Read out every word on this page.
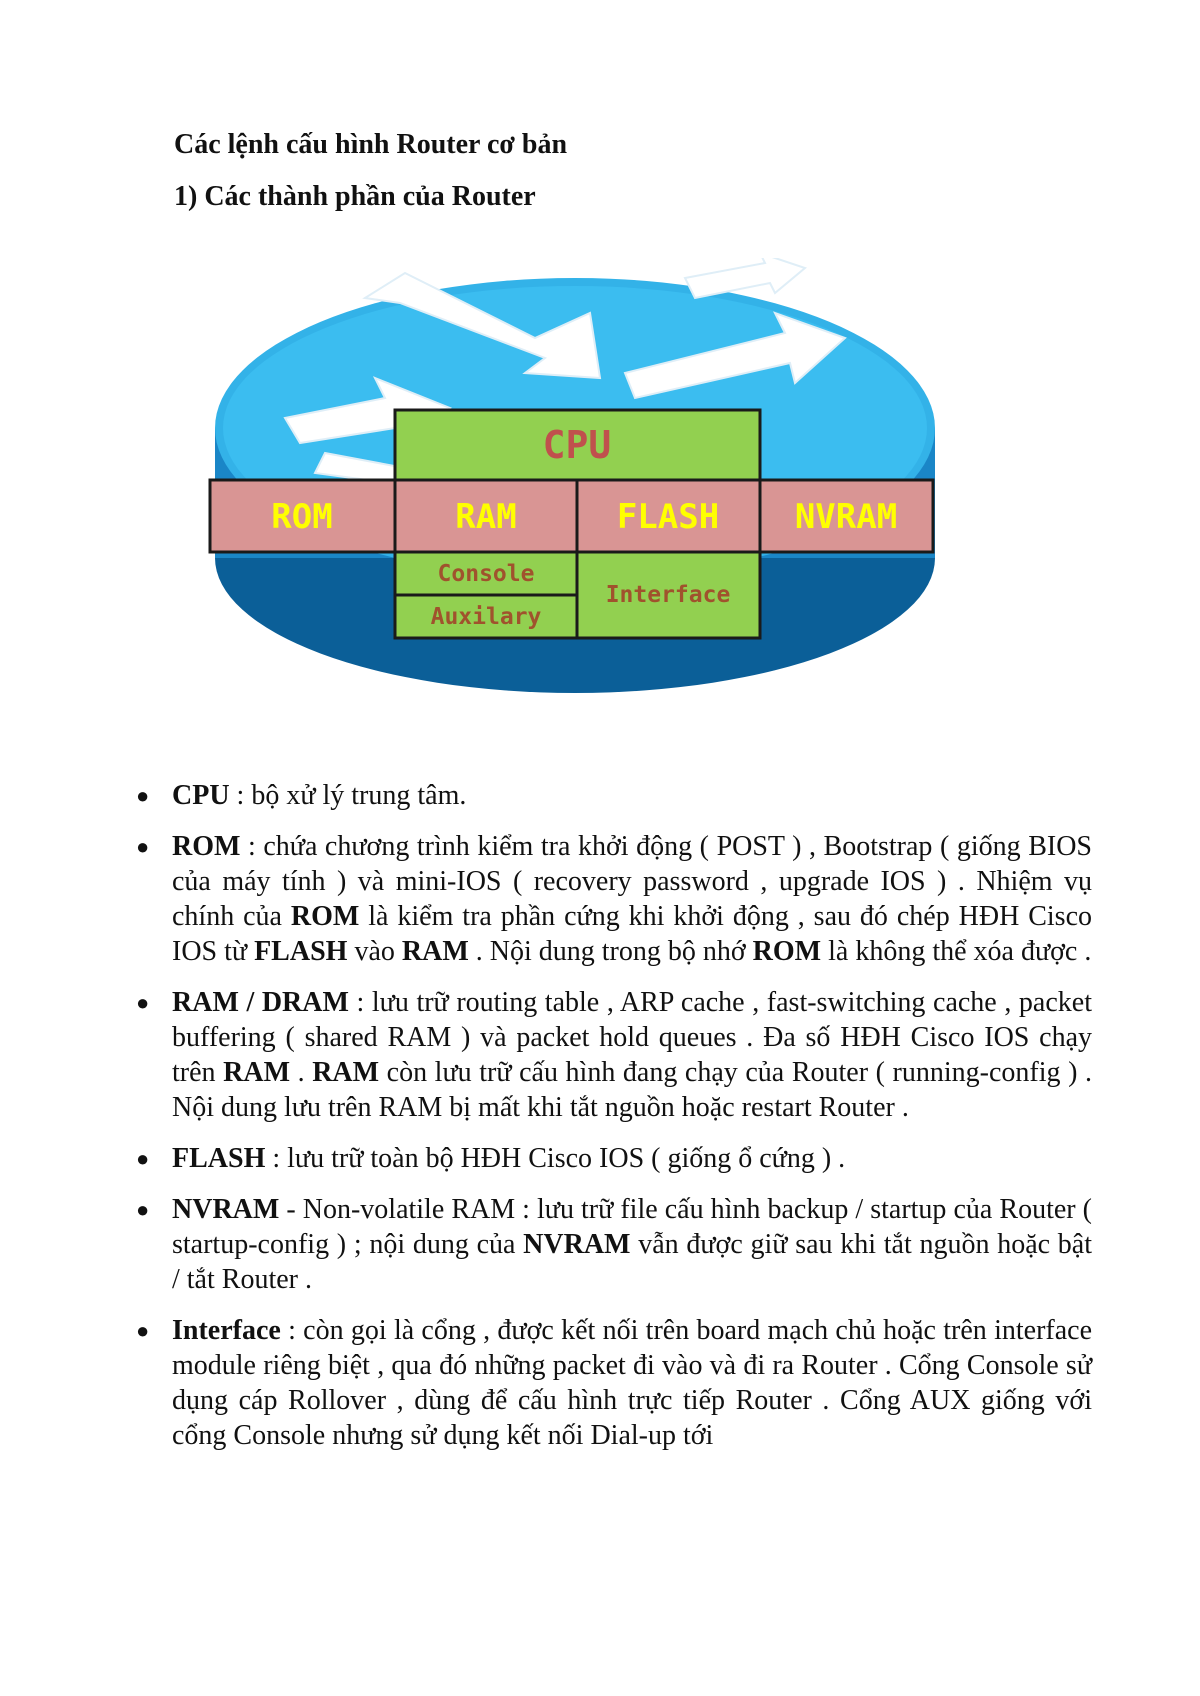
Các lệnh cấu hình Router cơ bản

1) Các thành phần của Router

CPU
ROM	RAM	FLASH NVRAM
Console
Auxilary
Interface
● CPU : bộ xử lý trung tâm.
● ROM : chứa chương trình kiểm tra khởi động ( POST ) , Bootstrap ( giống BIOS của máy tính ) và mini-IOS ( recovery password , upgrade IOS ) . Nhiệm vụ chính của ROM là kiểm tra phần cứng khi khởi động , sau đó chép HĐH Cisco IOS từ FLASH vào RAM . Nội dung trong bộ nhớ ROM là không thể xóa được .
● RAM / DRAM : lưu trữ routing table , ARP cache , fast-switching cache , packet buffering ( shared RAM ) và packet hold queues . Đa số HĐH Cisco IOS chạy trên RAM . RAM còn lưu trữ cấu hình đang chạy của Router ( running-config ) . Nội dung lưu trên RAM bị mất khi tắt nguồn hoặc restart Router .
● FLASH : lưu trữ toàn bộ HĐH Cisco IOS ( giống ổ cứng ) .
● NVRAM - Non-volatile RAM : lưu trữ file cấu hình backup / startup của Router ( startup-config ) ; nội dung của NVRAM vẫn được giữ sau khi tắt nguồn hoặc bật / tắt Router .
● Interface : còn gọi là cổng , được kết nối trên board mạch chủ hoặc trên interface module riêng biệt , qua đó những packet đi vào và đi ra Router . Cổng Console sử dụng cáp Rollover , dùng để cấu hình trực tiếp Router . Cổng AUX giống với cổng Console nhưng sử dụng kết nối Dial-up tới
